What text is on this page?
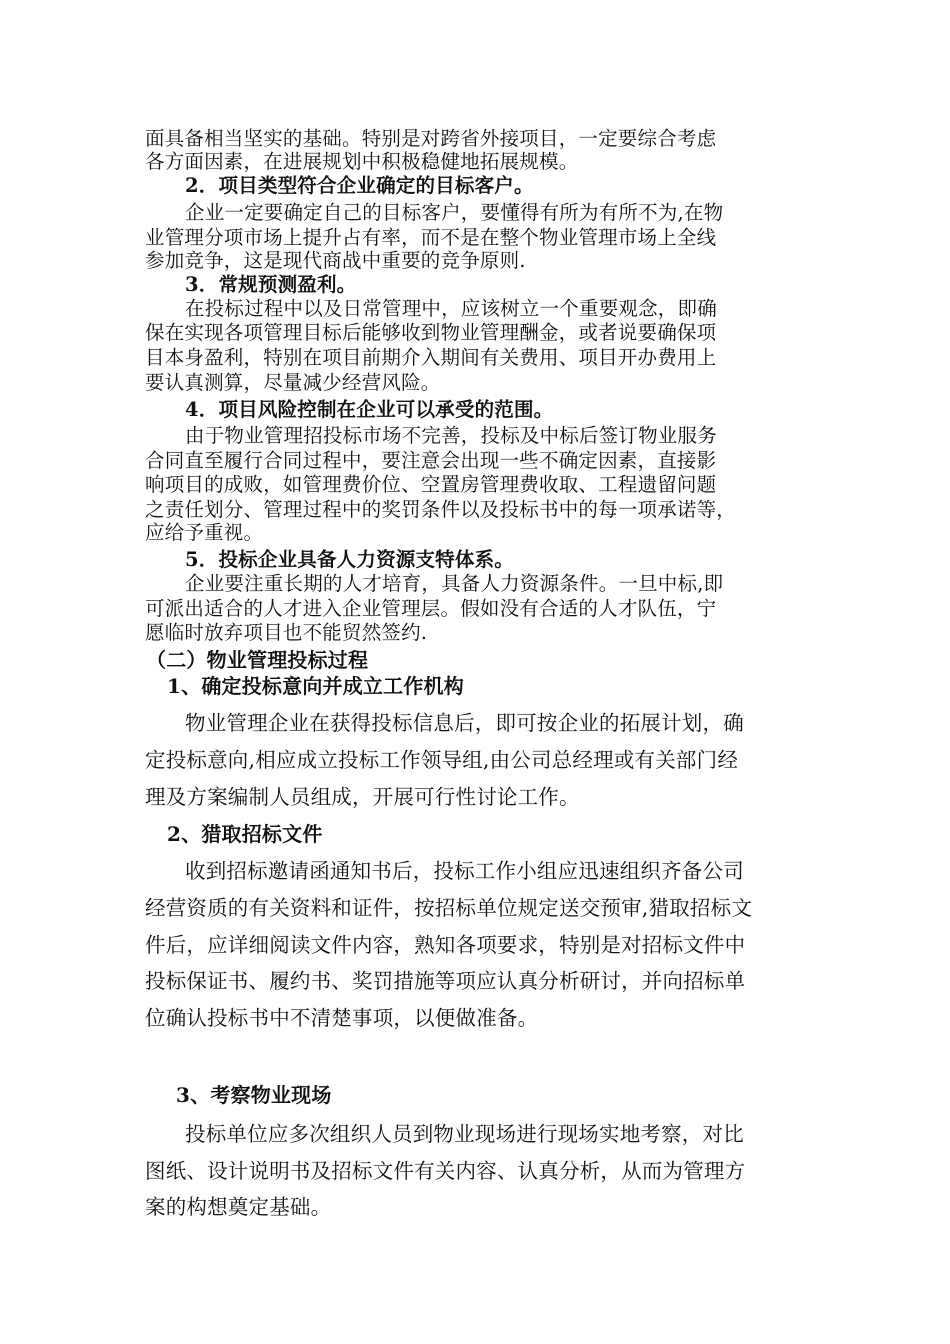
面具备相当坚实的基础。特别是对跨省外接项目，一定要综合考虑
各方面因素，在进展规划中积极稳健地拓展规模。
2．项目类型符合企业确定的目标客户。
企业一定要确定自己的目标客户，要懂得有所为有所不为,在物
业管理分项市场上提升占有率，而不是在整个物业管理市场上全线
参加竞争，这是现代商战中重要的竞争原则.
3．常规预测盈利。
在投标过程中以及日常管理中，应该树立一个重要观念，即确
保在实现各项管理目标后能够收到物业管理酬金，或者说要确保项
目本身盈利，特别在项目前期介入期间有关费用、项目开办费用上
要认真测算，尽量减少经营风险。
4．项目风险控制在企业可以承受的范围。
由于物业管理招投标市场不完善，投标及中标后签订物业服务
合同直至履行合同过程中，要注意会出现一些不确定因素，直接影
响项目的成败，如管理费价位、空置房管理费收取、工程遗留问题
之责任划分、管理过程中的奖罚条件以及投标书中的每一项承诺等，
应给予重视。
5．投标企业具备人力资源支特体系。
企业要注重长期的人才培育，具备人力资源条件。一旦中标,即
可派出适合的人才进入企业管理层。假如没有合适的人才队伍，宁
愿临时放弃项目也不能贸然签约.
（二）物业管理投标过程
1、确定投标意向并成立工作机构
物业管理企业在获得投标信息后，即可按企业的拓展计划，确
定投标意向,相应成立投标工作领导组,由公司总经理或有关部门经
理及方案编制人员组成，开展可行性讨论工作。
2、猎取招标文件
收到招标邀请函通知书后，投标工作小组应迅速组织齐备公司
经营资质的有关资料和证件，按招标单位规定送交预审,猎取招标文
件后，应详细阅读文件内容，熟知各项要求，特别是对招标文件中
投标保证书、履约书、奖罚措施等项应认真分析研讨，并向招标单
位确认投标书中不清楚事项，以便做准备。
3、考察物业现场
投标单位应多次组织人员到物业现场进行现场实地考察，对比
图纸、设计说明书及招标文件有关内容、认真分析，从而为管理方
案的构想奠定基础。
